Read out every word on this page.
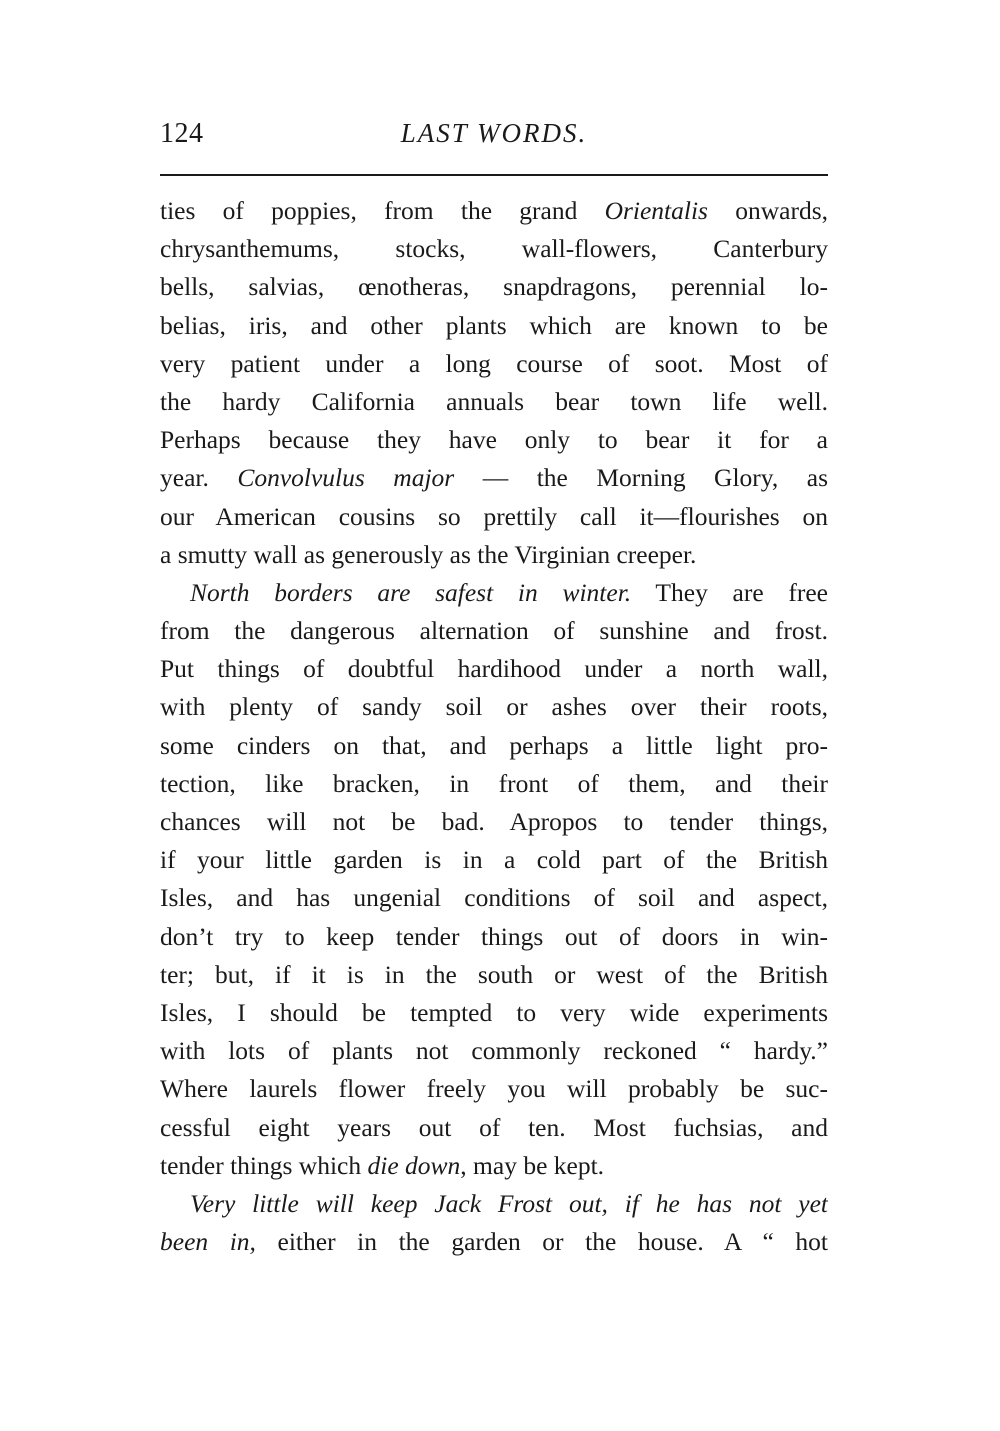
124	LAST WORDS.
ties of poppies, from the grand Orientalis onwards,
chrysanthemums, stocks, wall-flowers, Canterbury
bells, salvias, œnotheras, snapdragons, perennial lo-
belias, iris, and other plants which are known to be
very patient under a long course of soot. Most of
the hardy California annuals bear town life well.
Perhaps because they have only to bear it for a
year. Convolvulus major — the Morning Glory, as
our American cousins so prettily call it—flourishes on
a smutty wall as generously as the Virginian creeper.
North borders are safest in winter. They are free
from the dangerous alternation of sunshine and frost.
Put things of doubtful hardihood under a north wall,
with plenty of sandy soil or ashes over their roots,
some cinders on that, and perhaps a little light pro-
tection, like bracken, in front of them, and their
chances will not be bad. Apropos to tender things,
if your little garden is in a cold part of the British
Isles, and has ungenial conditions of soil and aspect,
don’t try to keep tender things out of doors in win-
ter; but, if it is in the south or west of the British
Isles, I should be tempted to very wide experiments
with lots of plants not commonly reckoned “ hardy.”
Where laurels flower freely you will probably be suc-
cessful eight years out of ten. Most fuchsias, and
tender things which die down, may be kept.
Very little will keep Jack Frost out, if he has not yet
been in, either in the garden or the house. A “ hot
